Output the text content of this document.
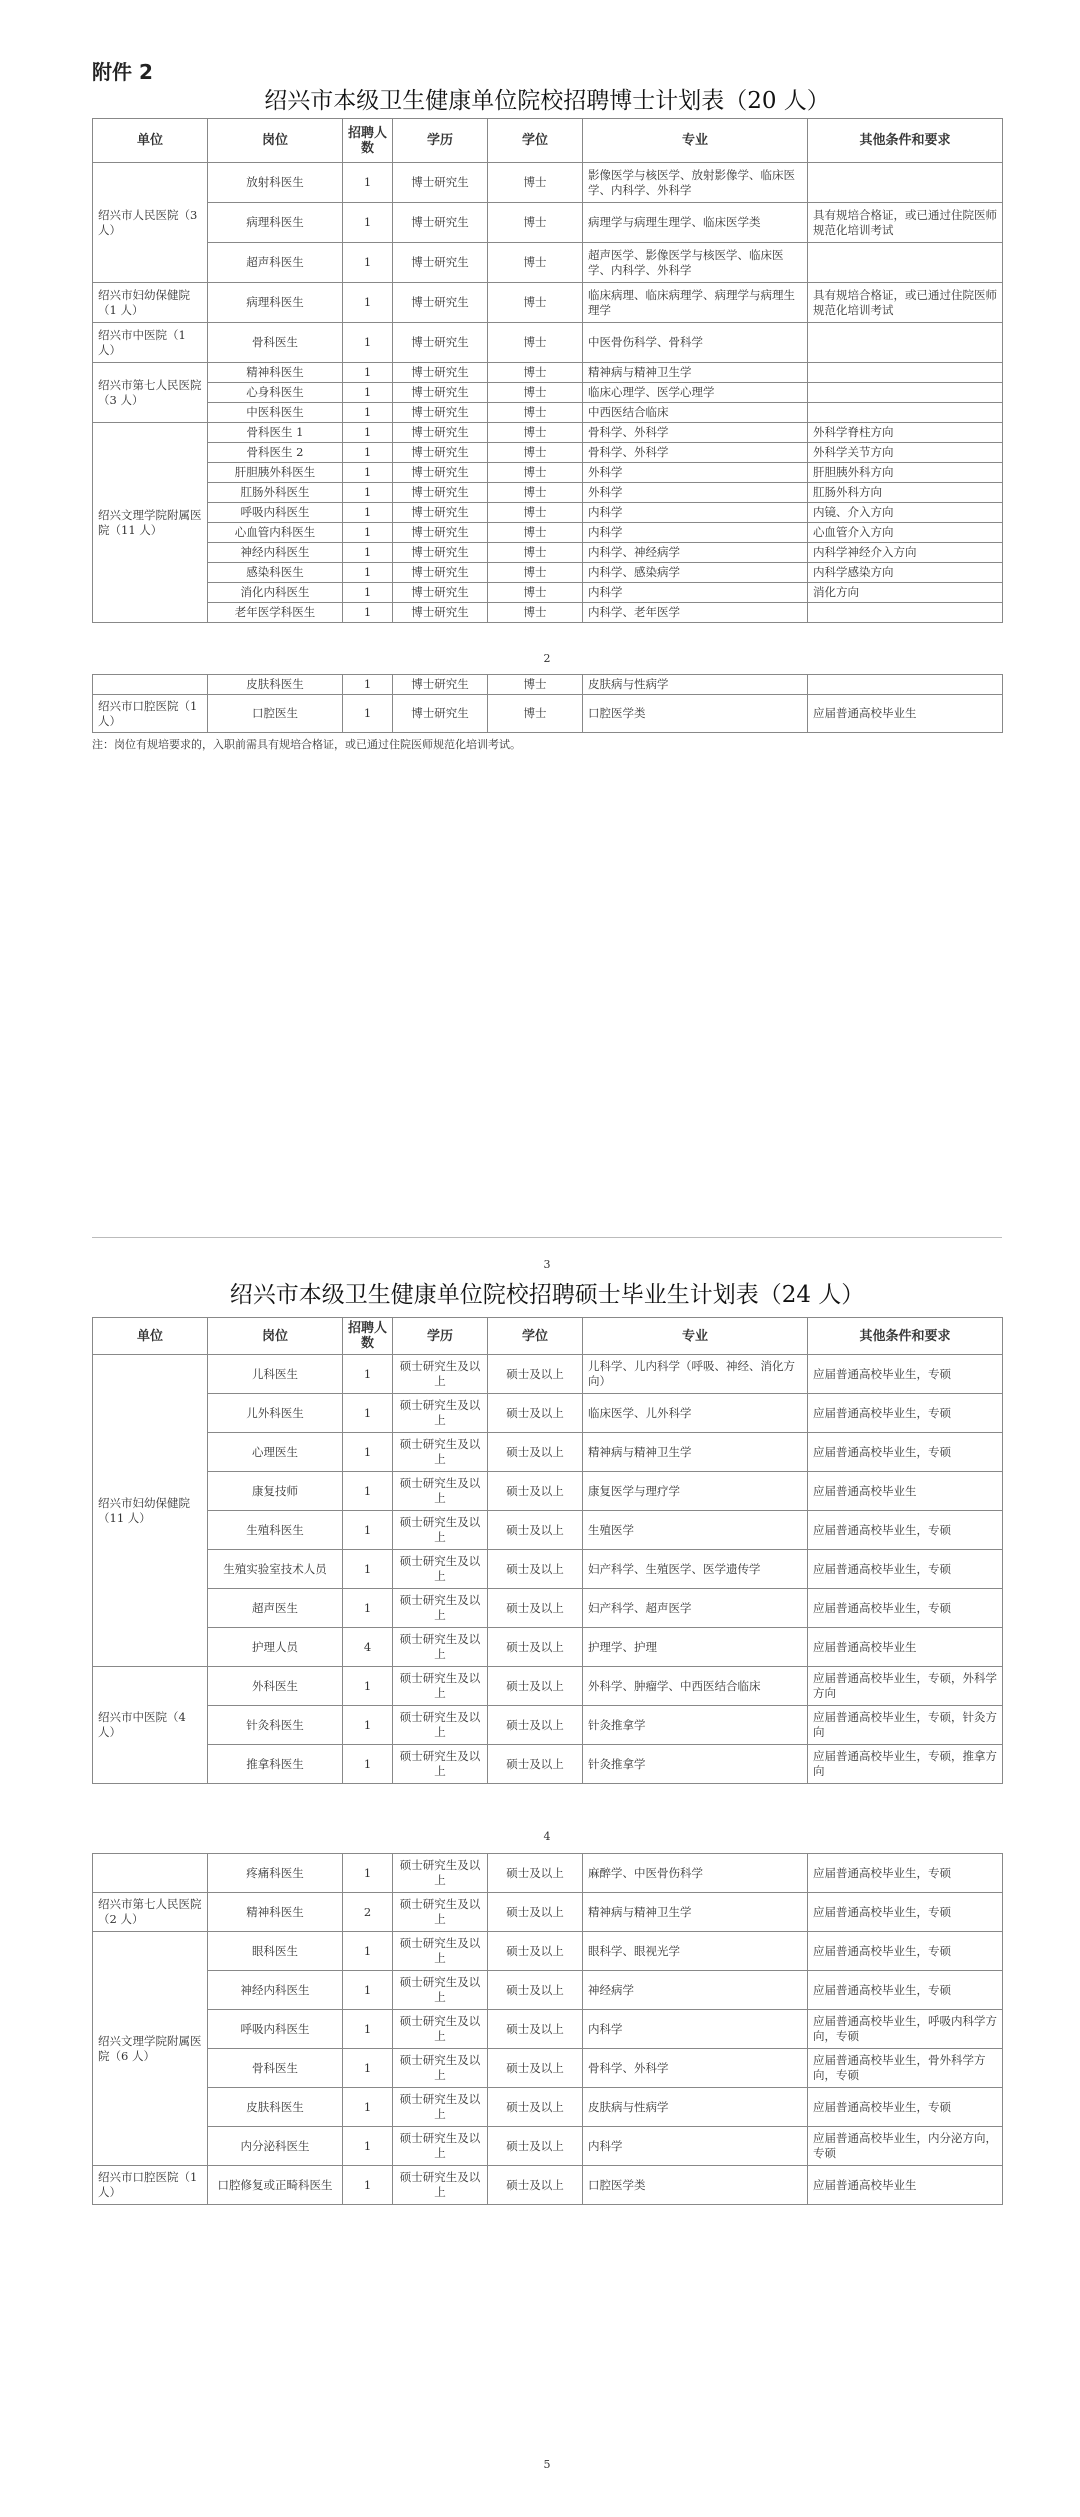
附件 2
绍兴市本级卫生健康单位院校招聘博士计划表（20 人）
单位	岗位	招聘人数	学历	学位	专业	其他条件和要求
绍兴市人民医院（3 人）	放射科医生	1	博士研究生	博士	影像医学与核医学、放射影像学、临床医学、内科学、外科学	
	病理科医生	1	博士研究生	博士	病理学与病理生理学、临床医学类	具有规培合格证，或已通过住院医师规范化培训考试
	超声科医生	1	博士研究生	博士	超声医学、影像医学与核医学、临床医学、内科学、外科学	
绍兴市妇幼保健院（1 人）	病理科医生	1	博士研究生	博士	临床病理、临床病理学、病理学与病理生理学	具有规培合格证，或已通过住院医师规范化培训考试
绍兴市中医院（1 人）	骨科医生	1	博士研究生	博士	中医骨伤科学、骨科学	
绍兴市第七人民医院（3 人）	精神科医生	1	博士研究生	博士	精神病与精神卫生学	
	心身科医生	1	博士研究生	博士	临床心理学、医学心理学	
	中医科医生	1	博士研究生	博士	中西医结合临床	
绍兴文理学院附属医院（11 人）	骨科医生 1	1	博士研究生	博士	骨科学、外科学	外科学脊柱方向
	骨科医生 2	1	博士研究生	博士	骨科学、外科学	外科学关节方向
	肝胆胰外科医生	1	博士研究生	博士	外科学	肝胆胰外科方向
	肛肠外科医生	1	博士研究生	博士	外科学	肛肠外科方向
	呼吸内科医生	1	博士研究生	博士	内科学	内镜、介入方向
	心血管内科医生	1	博士研究生	博士	内科学	心血管介入方向
	神经内科医生	1	博士研究生	博士	内科学、神经病学	内科学神经介入方向
	感染科医生	1	博士研究生	博士	内科学、感染病学	内科学感染方向
	消化内科医生	1	博士研究生	博士	内科学	消化方向
	老年医学科医生	1	博士研究生	博士	内科学、老年医学	
2
	皮肤科医生	1	博士研究生	博士	皮肤病与性病学	
绍兴市口腔医院（1 人）	口腔医生	1	博士研究生	博士	口腔医学类	应届普通高校毕业生
注：岗位有规培要求的，入职前需具有规培合格证，或已通过住院医师规范化培训考试。
3
绍兴市本级卫生健康单位院校招聘硕士毕业生计划表（24 人）
单位	岗位	招聘人数	学历	学位	专业	其他条件和要求
绍兴市妇幼保健院（11 人）	儿科医生	1	硕士研究生及以上	硕士及以上	儿科学、儿内科学（呼吸、神经、消化方向）	应届普通高校毕业生，专硕
	儿外科医生	1	硕士研究生及以上	硕士及以上	临床医学、儿外科学	应届普通高校毕业生，专硕
	心理医生	1	硕士研究生及以上	硕士及以上	精神病与精神卫生学	应届普通高校毕业生，专硕
	康复技师	1	硕士研究生及以上	硕士及以上	康复医学与理疗学	应届普通高校毕业生
	生殖科医生	1	硕士研究生及以上	硕士及以上	生殖医学	应届普通高校毕业生，专硕
	生殖实验室技术人员	1	硕士研究生及以上	硕士及以上	妇产科学、生殖医学、医学遗传学	应届普通高校毕业生，专硕
	超声医生	1	硕士研究生及以上	硕士及以上	妇产科学、超声医学	应届普通高校毕业生，专硕
	护理人员	4	硕士研究生及以上	硕士及以上	护理学、护理	应届普通高校毕业生
绍兴市中医院（4 人）	外科医生	1	硕士研究生及以上	硕士及以上	外科学、肿瘤学、中西医结合临床	应届普通高校毕业生，专硕，外科学方向
	针灸科医生	1	硕士研究生及以上	硕士及以上	针灸推拿学	应届普通高校毕业生，专硕，针灸方向
	推拿科医生	1	硕士研究生及以上	硕士及以上	针灸推拿学	应届普通高校毕业生，专硕，推拿方向
4
	疼痛科医生	1	硕士研究生及以上	硕士及以上	麻醉学、中医骨伤科学	应届普通高校毕业生，专硕
绍兴市第七人民医院（2 人）	精神科医生	2	硕士研究生及以上	硕士及以上	精神病与精神卫生学	应届普通高校毕业生，专硕
绍兴文理学院附属医院（6 人）	眼科医生	1	硕士研究生及以上	硕士及以上	眼科学、眼视光学	应届普通高校毕业生，专硕
	神经内科医生	1	硕士研究生及以上	硕士及以上	神经病学	应届普通高校毕业生，专硕
	呼吸内科医生	1	硕士研究生及以上	硕士及以上	内科学	应届普通高校毕业生，呼吸内科学方向，专硕
	骨科医生	1	硕士研究生及以上	硕士及以上	骨科学、外科学	应届普通高校毕业生，骨外科学方向，专硕
	皮肤科医生	1	硕士研究生及以上	硕士及以上	皮肤病与性病学	应届普通高校毕业生，专硕
	内分泌科医生	1	硕士研究生及以上	硕士及以上	内科学	应届普通高校毕业生，内分泌方向，专硕
绍兴市口腔医院（1 人）	口腔修复或正畸科医生	1	硕士研究生及以上	硕士及以上	口腔医学类	应届普通高校毕业生
5
